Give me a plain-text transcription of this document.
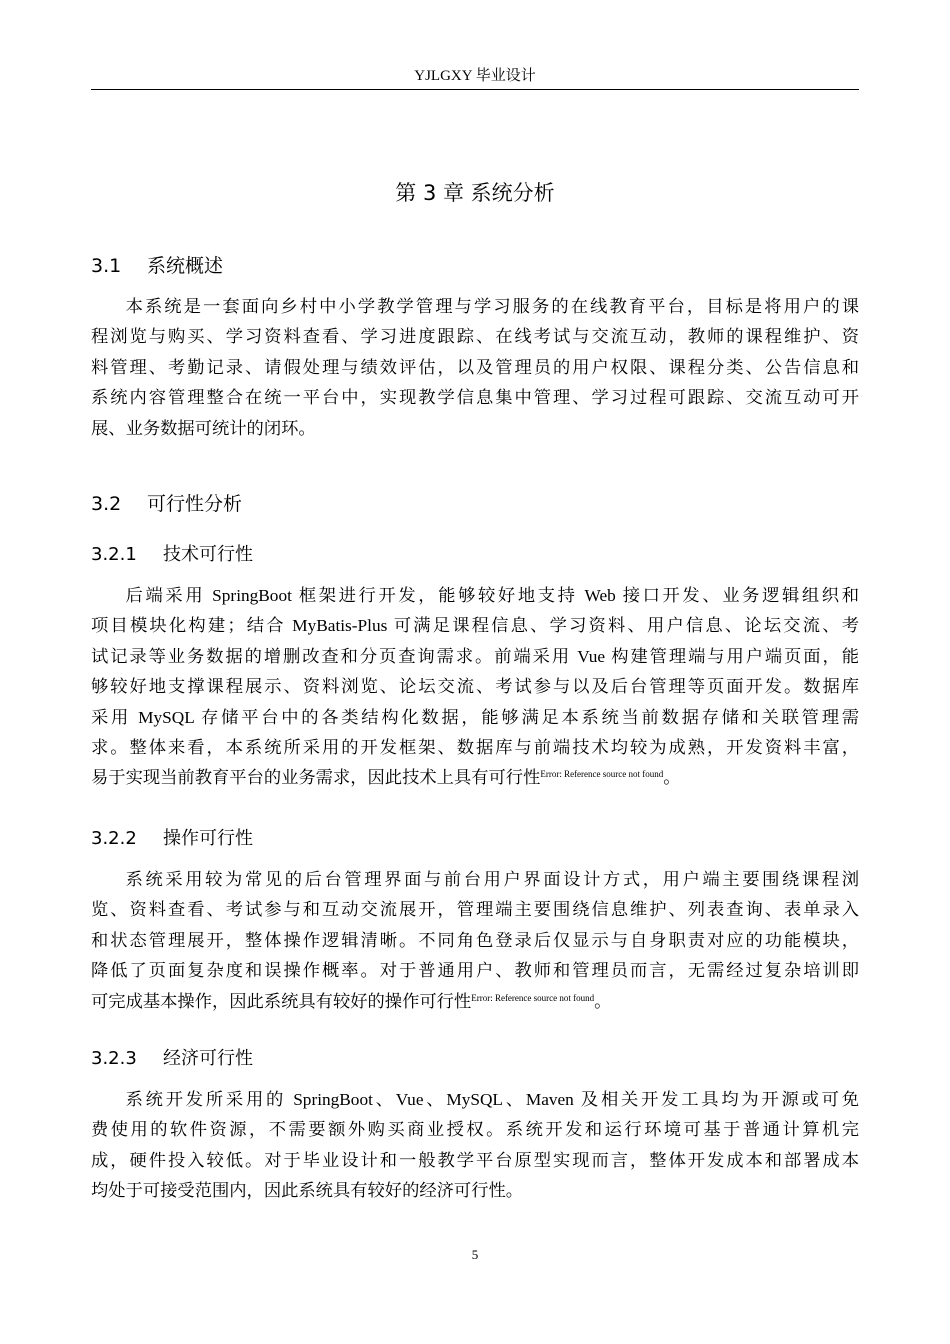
YJLGXY 毕业设计
第 3 章 系统分析
3.1 系统概述

本系统是一套面向乡村中小学教学管理与学习服务的在线教育平台，目标是将用户的课
程浏览与购买、学习资料查看、学习进度跟踪、在线考试与交流互动，教师的课程维护、资
料管理、考勤记录、请假处理与绩效评估，以及管理员的用户权限、课程分类、公告信息和
系统内容管理整合在统一平台中，实现教学信息集中管理、学习过程可跟踪、交流互动可开
展、业务数据可统计的闭环。

3.2 可行性分析
3.2.1 技术可行性

后端采用 SpringBoot 框架进行开发，能够较好地支持 Web 接口开发、业务逻辑组织和
项目模块化构建；结合 MyBatis-Plus 可满足课程信息、学习资料、用户信息、论坛交流、考
试记录等业务数据的增删改查和分页查询需求。前端采用 Vue 构建管理端与用户端页面，能
够较好地支撑课程展示、资料浏览、论坛交流、考试参与以及后台管理等页面开发。数据库
采用 MySQL 存储平台中的各类结构化数据，能够满足本系统当前数据存储和关联管理需
求。整体来看，本系统所采用的开发框架、数据库与前端技术均较为成熟，开发资料丰富，
易于实现当前教育平台的业务需求，因此技术上具有可行性$^{Error: Reference source not found}$。

3.2.2 操作可行性

系统采用较为常见的后台管理界面与前台用户界面设计方式，用户端主要围绕课程浏
览、资料查看、考试参与和互动交流展开，管理端主要围绕信息维护、列表查询、表单录入
和状态管理展开，整体操作逻辑清晰。不同角色登录后仅显示与自身职责对应的功能模块，
降低了页面复杂度和误操作概率。对于普通用户、教师和管理员而言，无需经过复杂培训即
可完成基本操作，因此系统具有较好的操作可行性$^{Error: Reference source not found}$。

3.2.3 经济可行性

系统开发所采用的 SpringBoot、Vue、MySQL、Maven 及相关开发工具均为开源或可免
费使用的软件资源，不需要额外购买商业授权。系统开发和运行环境可基于普通计算机完
成，硬件投入较低。对于毕业设计和一般教学平台原型实现而言，整体开发成本和部署成本
均处于可接受范围内，因此系统具有较好的经济可行性。

5
